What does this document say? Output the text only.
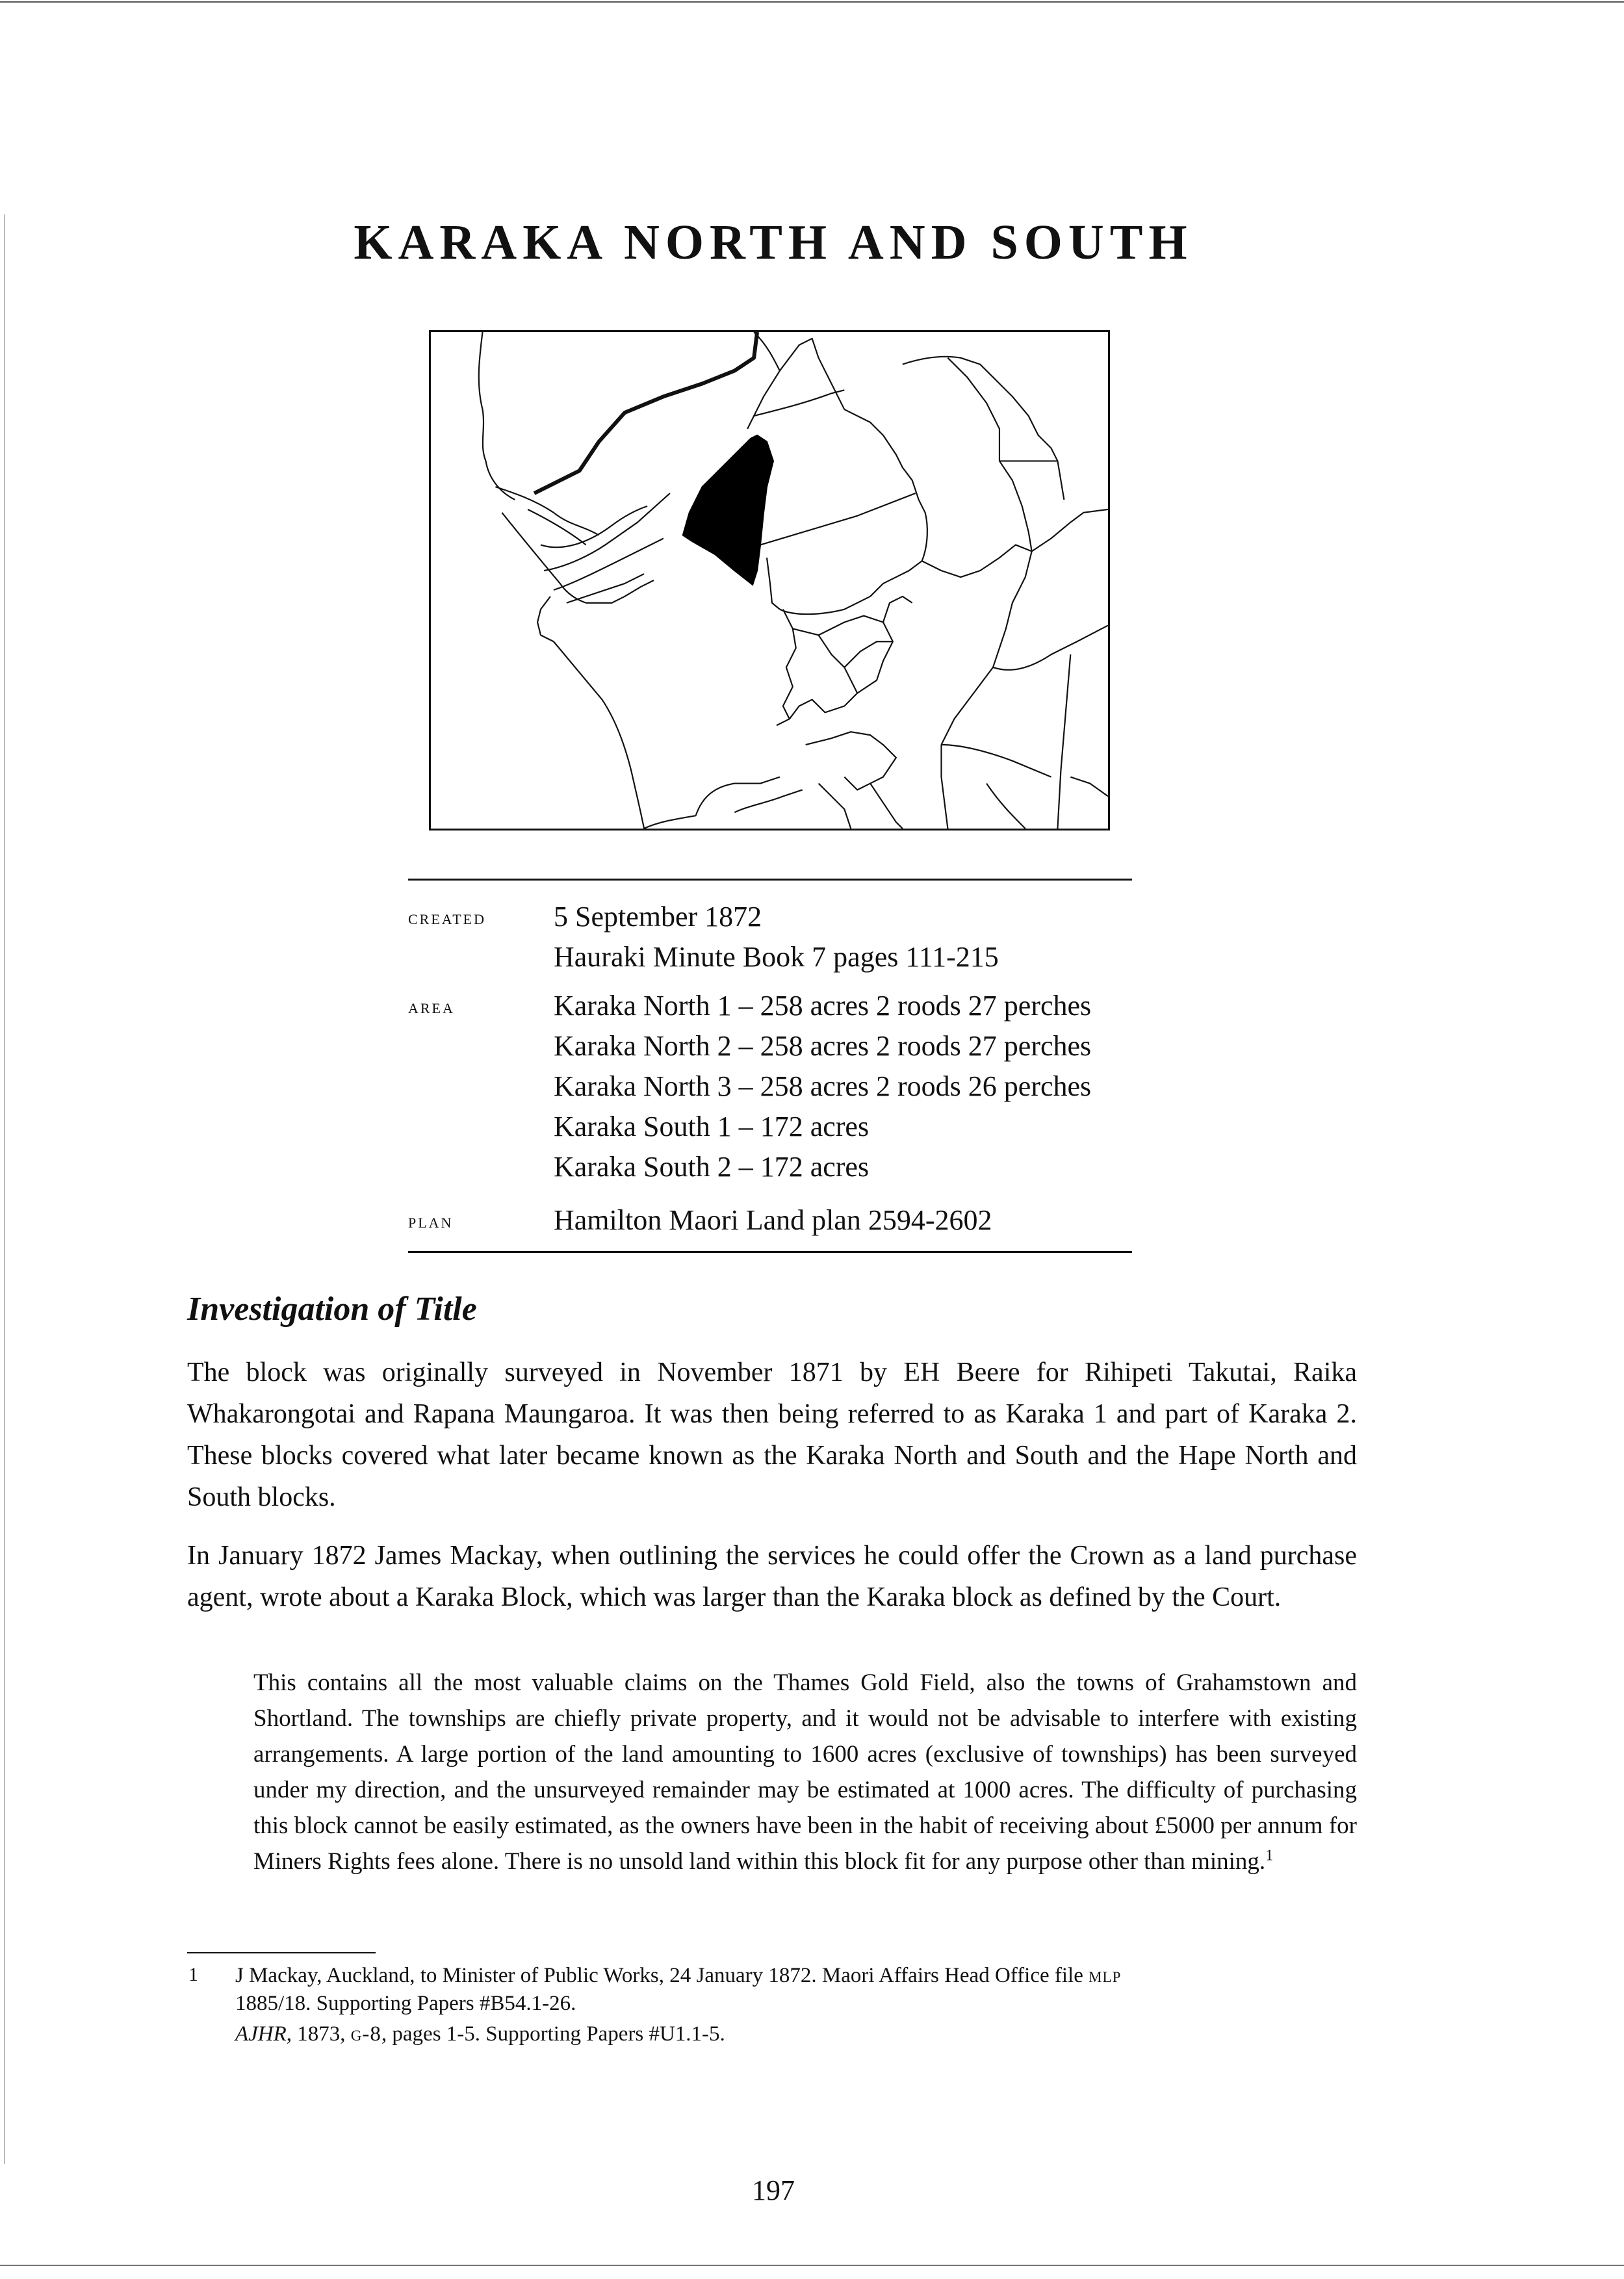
KARAKA NORTH AND SOUTH
created 5 September 1872
Hauraki Minute Book 7 pages 111-215
area	Karaka North 1 – 258 acres 2 roods 27 perches
Karaka North 2 – 258 acres 2 roods 27 perches
Karaka North 3 – 258 acres 2 roods 26 perches
Karaka South 1 – 172 acres
Karaka South 2 – 172 acres
plan	Hamilton Maori Land plan 2594-2602
Investigation of Title

The block was originally surveyed in November 1871 by EH Beere for Rihipeti Takutai, Raika Whakarongotai and Rapana Maungaroa. It was then being referred to as Karaka 1 and part of Karaka 2. These blocks covered what later became known as the Karaka North and South and the Hape North and South blocks.

In January 1872 James Mackay, when outlining the services he could offer the Crown as a land purchase agent, wrote about a Karaka Block, which was larger than the Karaka block as defined by the Court.

This contains all the most valuable claims on the Thames Gold Field, also the towns of Grahamstown and Shortland. The townships are chiefly private property, and it would not be advisable to interfere with existing arrangements. A large portion of the land amounting to 1600 acres (exclusive of townships) has been surveyed under my direction, and the unsurveyed remainder may be estimated at 1000 acres. The difficulty of purchasing this block cannot be easily estimated, as the owners have been in the habit of receiving about £5000 per annum for Miners Rights fees alone. There is no unsold land within this block fit for any purpose other than mining.$^1$

1 J Mackay, Auckland, to Minister of Public Works, 24 January 1872. Maori Affairs Head Office file mlp
1885/18. Supporting Papers #B54.1-26.
AJHR, 1873, g-8, pages 1-5. Supporting Papers #U1.1-5.
197
